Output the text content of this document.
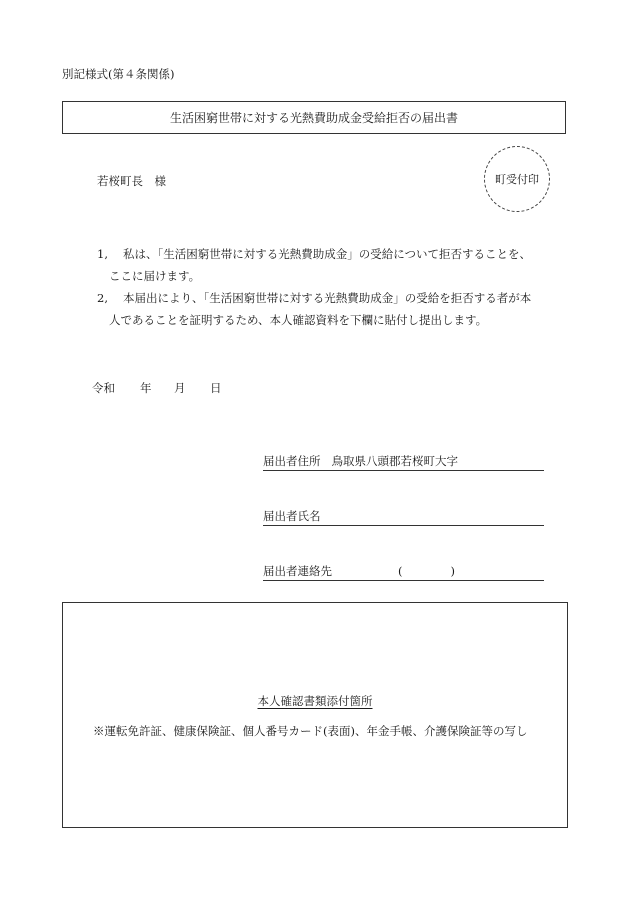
別記様式(第４条関係)
生活困窮世帯に対する光熱費助成金受給拒否の届出書
若桜町長　様	町受付印
1, 私は、「生活困窮世帯に対する光熱費助成金」の受給について拒否することを、
ここに届けます。
2, 本届出により、「生活困窮世帯に対する光熱費助成金」の受給を拒否する者が本
人であることを証明するため、本人確認資料を下欄に貼付し提出します。
令和 年 月 日
届出者住所 鳥取県八頭郡若桜町大字
届出者氏名
届出者連絡先	(	)
本人確認書類添付箇所
※運転免許証、健康保険証、個人番号カード(表面)、年金手帳、介護保険証等の写し
